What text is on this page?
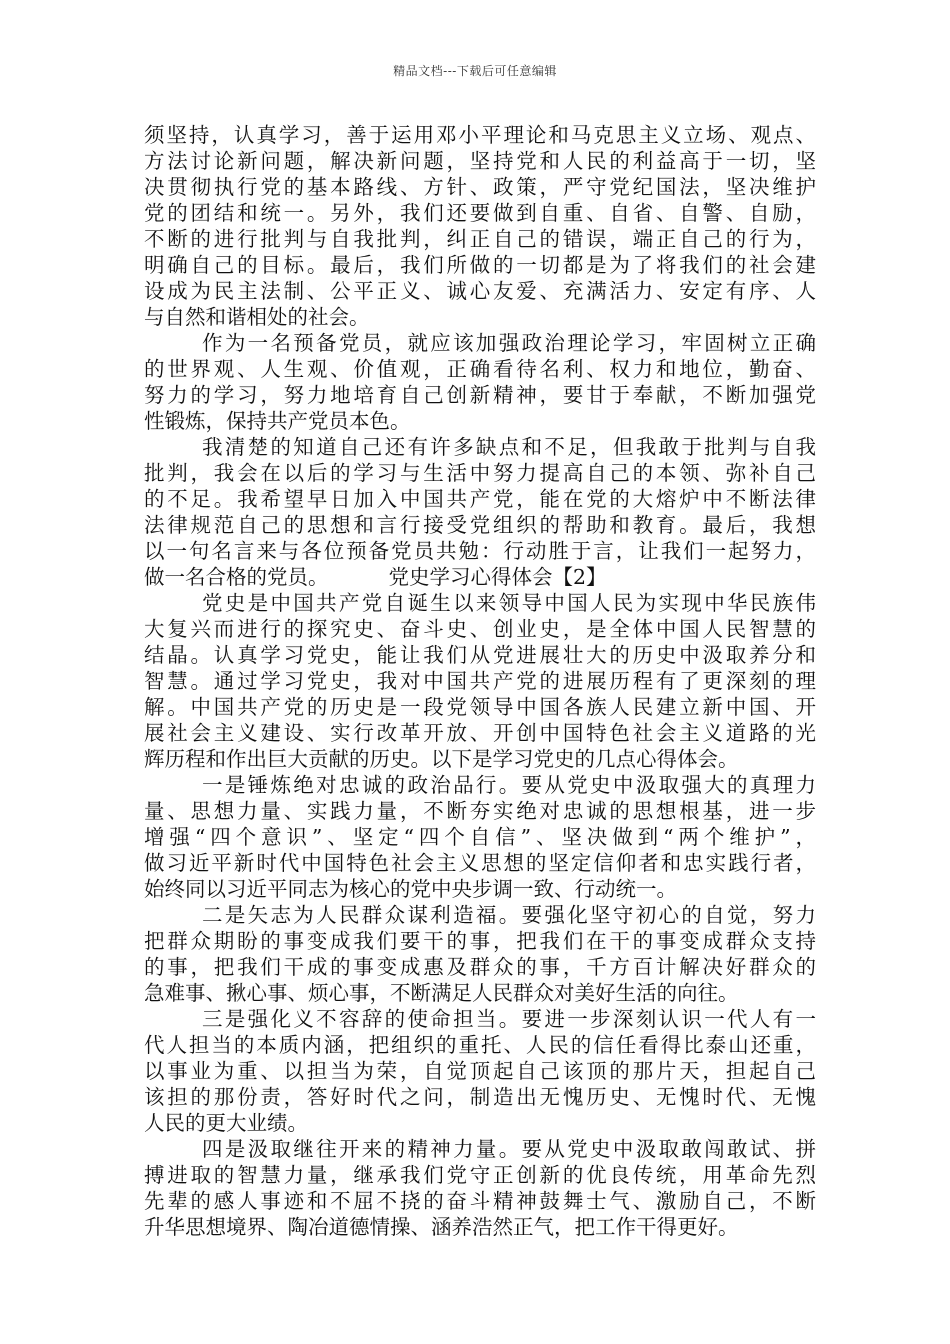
精品文档---下载后可任意编辑
须坚持，认真学习，善于运用邓小平理论和马克思主义立场、观点、
方法讨论新问题，解决新问题，坚持党和人民的利益高于一切，坚
决贯彻执行党的基本路线、方针、政策，严守党纪国法，坚决维护
党的团结和统一。另外，我们还要做到自重、自省、自警、自励，
不断的进行批判与自我批判，纠正自己的错误，端正自己的行为，
明确自己的目标。最后，我们所做的一切都是为了将我们的社会建
设成为民主法制、公平正义、诚心友爱、充满活力、安定有序、人
与自然和谐相处的社会。
作为一名预备党员，就应该加强政治理论学习，牢固树立正确
的世界观、人生观、价值观，正确看待名利、权力和地位，勤奋、
努力的学习，努力地培育自己创新精神，要甘于奉献，不断加强党
性锻炼，保持共产党员本色。
我清楚的知道自己还有许多缺点和不足，但我敢于批判与自我
批判，我会在以后的学习与生活中努力提高自己的本领、弥补自己
的不足。我希望早日加入中国共产党，能在党的大熔炉中不断法律
法律规范自己的思想和言行接受党组织的帮助和教育。最后，我想
以一句名言来与各位预备党员共勉：行动胜于言，让我们一起努力，
做一名合格的党员。	党史学习心得体会【2】
党史是中国共产党自诞生以来领导中国人民为实现中华民族伟
大复兴而进行的探究史、奋斗史、创业史，是全体中国人民智慧的
结晶。认真学习党史，能让我们从党进展壮大的历史中汲取养分和
智慧。通过学习党史，我对中国共产党的进展历程有了更深刻的理
解。中国共产党的历史是一段党领导中国各族人民建立新中国、开
展社会主义建设、实行改革开放、开创中国特色社会主义道路的光
辉历程和作出巨大贡献的历史。以下是学习党史的几点心得体会。
一是锤炼绝对忠诚的政治品行。要从党史中汲取强大的真理力
量、思想力量、实践力量，不断夯实绝对忠诚的思想根基，进一步
增强“四个意识”、坚定“四个自信”、坚决做到“两个维护”，
做习近平新时代中国特色社会主义思想的坚定信仰者和忠实践行者，
始终同以习近平同志为核心的党中央步调一致、行动统一。
二是矢志为人民群众谋利造福。要强化坚守初心的自觉，努力
把群众期盼的事变成我们要干的事，把我们在干的事变成群众支持
的事，把我们干成的事变成惠及群众的事，千方百计解决好群众的
急难事、揪心事、烦心事，不断满足人民群众对美好生活的向往。
三是强化义不容辞的使命担当。要进一步深刻认识一代人有一
代人担当的本质内涵，把组织的重托、人民的信任看得比泰山还重，
以事业为重、以担当为荣，自觉顶起自己该顶的那片天，担起自己
该担的那份责，答好时代之问，制造出无愧历史、无愧时代、无愧
人民的更大业绩。
四是汲取继往开来的精神力量。要从党史中汲取敢闯敢试、拼
搏进取的智慧力量，继承我们党守正创新的优良传统，用革命先烈
先辈的感人事迹和不屈不挠的奋斗精神鼓舞士气、激励自己，不断
升华思想境界、陶冶道德情操、涵养浩然正气，把工作干得更好。
